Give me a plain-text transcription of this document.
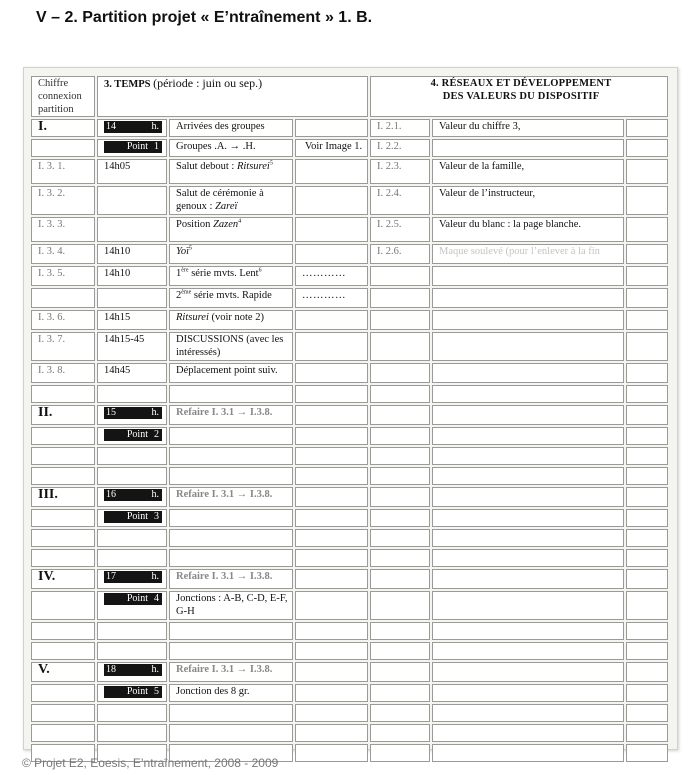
V – 2. Partition projet « E’ntraînement » 1. B.
Chiffre connexion partition	3. TEMPS (période : juin ou sep.)			4. RÉSEAUX ET DÉVELOPPEMENT
DES VALEURS DU DISPOSITIF		
I.	14 h.	Arrivées des groupes		I. 2.1.	Valeur du chiffre 3,	

	Point 1	Groupes .A. → .H.	Voir Image 1.	I. 2.2.		
I. 3. 1.	14h05	Salut debout : Ritsurei$^5$		I. 2.3.	Valeur de la famille,	
I. 3. 2.		Salut de cérémonie à genoux : Zareï		I. 2.4.	Valeur de l’instructeur,	
I. 3. 3.		Position Zazen$^4$		I. 2.5.	Valeur du blanc : la page blanche.	
I. 3. 4.	14h10	Yoï$^5$		I. 2.6.	Maque soulevé (pour l’enlever à la fin	
I. 3. 5.	14h10	1ère série mvts. Lent$^6$	…………			
		2ème série mvts. Rapide	…………			
I. 3. 6.	14h15	Ritsurei (voir note 2)				
I. 3. 7.	14h15-45	DISCUSSIONS (avec les intéressés)				
I. 3. 8.	14h45	Déplacement point suiv.				

II.	15 h.	Refaire I. 3.1 → I.3.8.				

	Point 2					

III.	16 h.	Refaire I. 3.1 → I.3.8.				

	Point 3					

IV.	17 h.	Refaire I. 3.1 → I.3.8.				

	Point 4	Jonctions : A-B, C-D, E-F, G-H				

V.	18 h.	Refaire I. 3.1 → I.3.8.				

	Point 5	Jonction des 8 gr.				

© Projet E2, Eoesis, E’ntraînement, 2008 - 2009
